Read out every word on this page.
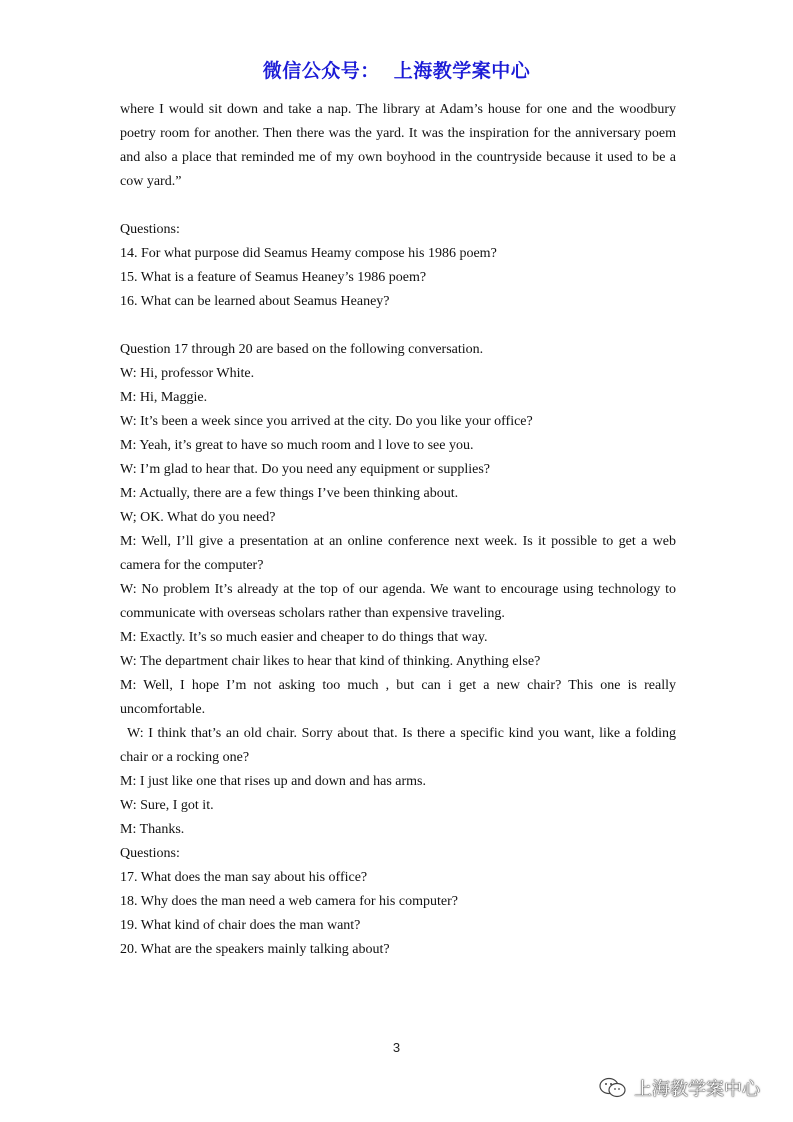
微信公众号： 上海教学案中心

where I would sit down and take a nap. The library at Adam’s house for one and the woodbury poetry room for another. Then there was the yard. It was the inspiration for the anniversary poem and also a place that reminded me of my own boyhood in the countryside because it used to be a cow yard.”

Questions:

14. For what purpose did Seamus Heamy compose his 1986 poem?

15. What is a feature of Seamus Heaney’s 1986 poem?

16. What can be learned about Seamus Heaney?

Question 17 through 20 are based on the following conversation.

W: Hi, professor White.

M: Hi, Maggie.

W: It’s been a week since you arrived at the city. Do you like your office?

M: Yeah, it’s great to have so much room and l love to see you.

W: I’m glad to hear that. Do you need any equipment or supplies?

M: Actually, there are a few things I’ve been thinking about.

W; OK. What do you need?

M: Well, I’ll give a presentation at an online conference next week. Is it possible to get a web camera for the computer?

W: No problem It’s already at the top of our agenda. We want to encourage using technology to communicate with overseas scholars rather than expensive traveling.

M: Exactly. It’s so much easier and cheaper to do things that way.

W: The department chair likes to hear that kind of thinking. Anything else?

M: Well, I hope I’m not asking too much , but can i get a new chair? This one is really uncomfortable.

W: I think that’s an old chair. Sorry about that. Is there a specific kind you want, like a folding chair or a rocking one?

M: I just like one that rises up and down and has arms.

W: Sure, I got it.

M: Thanks.

Questions:

17. What does the man say about his office?

18. Why does the man need a web camera for his computer?

19. What kind of chair does the man want?

20. What are the speakers mainly talking about?

3
上海教学案中心
